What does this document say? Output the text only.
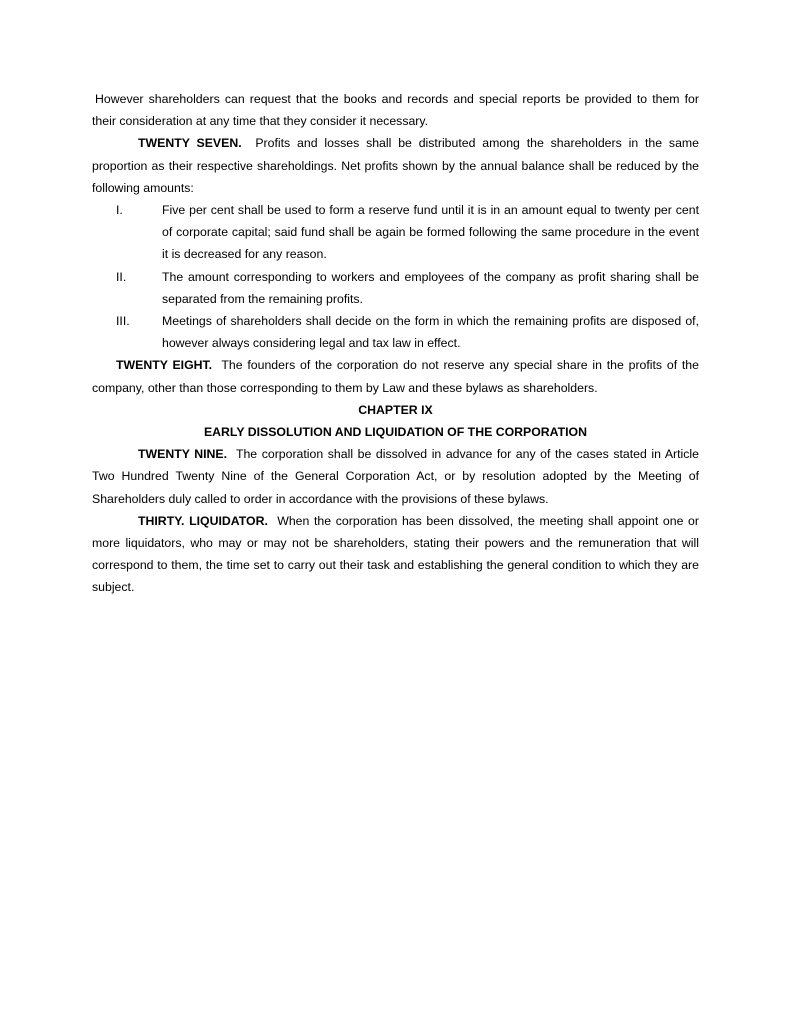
However shareholders can request that the books and records and special reports be provided to them for their consideration at any time that they consider it necessary.

TWENTY SEVEN. Profits and losses shall be distributed among the shareholders in the same proportion as their respective shareholdings. Net profits shown by the annual balance shall be reduced by the following amounts:

I.	Five per cent shall be used to form a reserve fund until it is in an amount equal to twenty per cent of corporate capital; said fund shall be again be formed following the same procedure in the event it is decreased for any reason.
II.	The amount corresponding to workers and employees of the company as profit sharing shall be separated from the remaining profits.
III.	Meetings of shareholders shall decide on the form in which the remaining profits are disposed of, however always considering legal and tax law in effect.

TWENTY EIGHT. The founders of the corporation do not reserve any special share in the profits of the company, other than those corresponding to them by Law and these bylaws as shareholders.

CHAPTER IX

EARLY DISSOLUTION AND LIQUIDATION OF THE CORPORATION

TWENTY NINE. The corporation shall be dissolved in advance for any of the cases stated in Article Two Hundred Twenty Nine of the General Corporation Act, or by resolution adopted by the Meeting of Shareholders duly called to order in accordance with the provisions of these bylaws.

THIRTY. LIQUIDATOR. When the corporation has been dissolved, the meeting shall appoint one or more liquidators, who may or may not be shareholders, stating their powers and the remuneration that will correspond to them, the time set to carry out their task and establishing the general condition to which they are subject.
